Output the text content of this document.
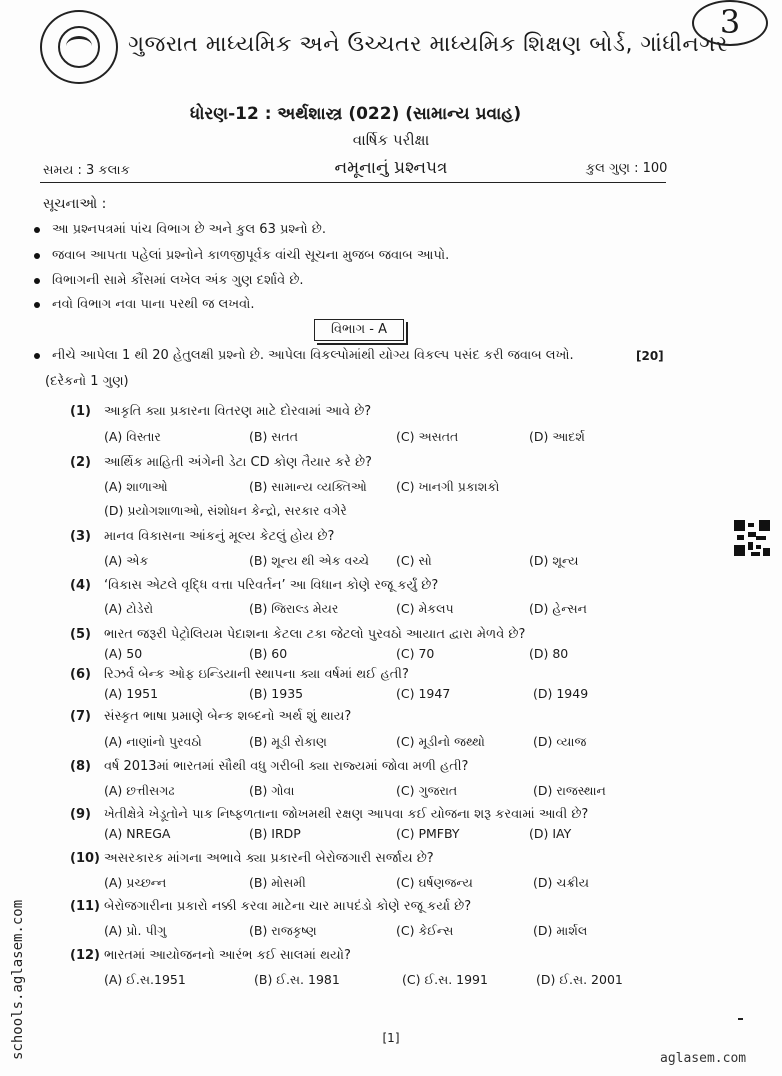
ગુજરાત માધ્યમિક અને ઉચ્ચતર માધ્યમિક શિક્ષણ બોર્ડ, ગાંધીનગર
3
ધોરણ-12 : અર્થશાસ્ત્ર (022) (સામાન્ય પ્રવાહ)
વાર્ષિક પરીક્ષા
સમય : 3 કલાક	નમૂનાનું પ્રશ્નપત્ર	કુલ ગુણ : 100
સૂચનાઓ :
આ પ્રશ્નપત્રમાં પાંચ વિભાગ છે અને કુલ 63 પ્રશ્નો છે.
જવાબ આપતા પહેલાં પ્રશ્નોને કાળજીપૂર્વક વાંચી સૂચના મુજબ જવાબ આપો.
વિભાગની સામે કૌંસમાં લખેલ અંક ગુણ દર્શાવે છે.
નવો વિભાગ નવા પાના પરથી જ લખવો.
વિભાગ - A
નીચે આપેલા 1 થી 20 હેતુલક્ષી પ્રશ્નો છે. આપેલા વિકલ્પોમાંથી યોગ્ય વિકલ્પ પસંદ કરી જવાબ લખો.	[20]
(દરેકનો 1 ગુણ)
(1) આકૃતિ ક્યા પ્રકારના વિતરણ માટે દોરવામાં આવે છે?
(A) વિસ્તાર	(B) સતત	(C) અસતત	(D) આદર્શ
(2) આર્થિક માહિતી અંગેની ડેટા CD કોણ તૈયાર કરે છે?
(A) શાળાઓ	(B) સામાન્ય વ્યક્તિઓ (C) ખાનગી પ્રકાશકો
(D) પ્રયોગશાળાઓ, સંશોધન કેન્દ્રો, સરકાર વગેરે
(3) માનવ વિકાસના આંકનું મૂલ્ય કેટલું હોય છે?
(A) એક	(B) શૂન્ય થી એક વચ્ચે (C) સો	(D) શૂન્ય
(4) ‘વિકાસ એટલે વૃદ્ધિ વત્તા પરિવર્તન’ આ વિધાન કોણે રજૂ કર્યું છે?
(A) ટોડેરો	(B) જિરાલ્ડ મેયર	(C) મેકલપ	(D) હેન્સન
(5) ભારત જરૂરી પેટ્રોલિયમ પેદાશના કેટલા ટકા જેટલો પુરવઠો આયાત દ્વારા મેળવે છે?
(A) 50	(B) 60	(C) 70	(D) 80
(6) રિઝર્વ બેન્ક ઓફ ઇન્ડિયાની સ્થાપના ક્યા વર્ષમાં થઈ હતી?
(A) 1951	(B) 1935	(C) 1947	(D) 1949
(7) સંસ્કૃત ભાષા પ્રમાણે બેન્ક શબ્દનો અર્થ શું થાય?
(A) નાણાંનો પુરવઠો	(B) મૂડી રોકાણ	(C) મૂડીનો જથ્થો	(D) વ્યાજ
(8) વર્ષ 2013માં ભારતમાં સૌથી વધુ ગરીબી ક્યા રાજ્યમાં જોવા મળી હતી?
(A) છત્તીસગઢ	(B) ગોવા	(C) ગુજરાત	(D) રાજસ્થાન
(9) ખેતીક્ષેત્રે ખેડૂતોને પાક નિષ્ફળતાના જોખમથી રક્ષણ આપવા કઈ યોજના શરૂ કરવામાં આવી છે?
(A) NREGA	(B) IRDP	(C) PMFBY	(D) IAY
(10) અસરકારક માંગના અભાવે ક્યા પ્રકારની બેરોજગારી સર્જાય છે?
(A) પ્રચ્છન્ન	(B) મોસમી	(C) ઘર્ષણજન્ય	(D) ચક્રીય
(11) બેરોજગારીના પ્રકારો નક્કી કરવા માટેના ચાર માપદંડો કોણે રજૂ કર્યા છે?
(A) પ્રો. પીગુ	(B) રાજકૃષ્ણ	(C) કેઈન્સ	(D) માર્શલ
(12) ભારતમાં આયોજનનો આરંભ કઈ સાલમાં થયો?
(A) ઈ.સ.1951	(B) ઈ.સ. 1981	(C) ઈ.સ. 1991	(D) ઈ.સ. 2001
[1]
schools.aglasem.com	aglasem.com
